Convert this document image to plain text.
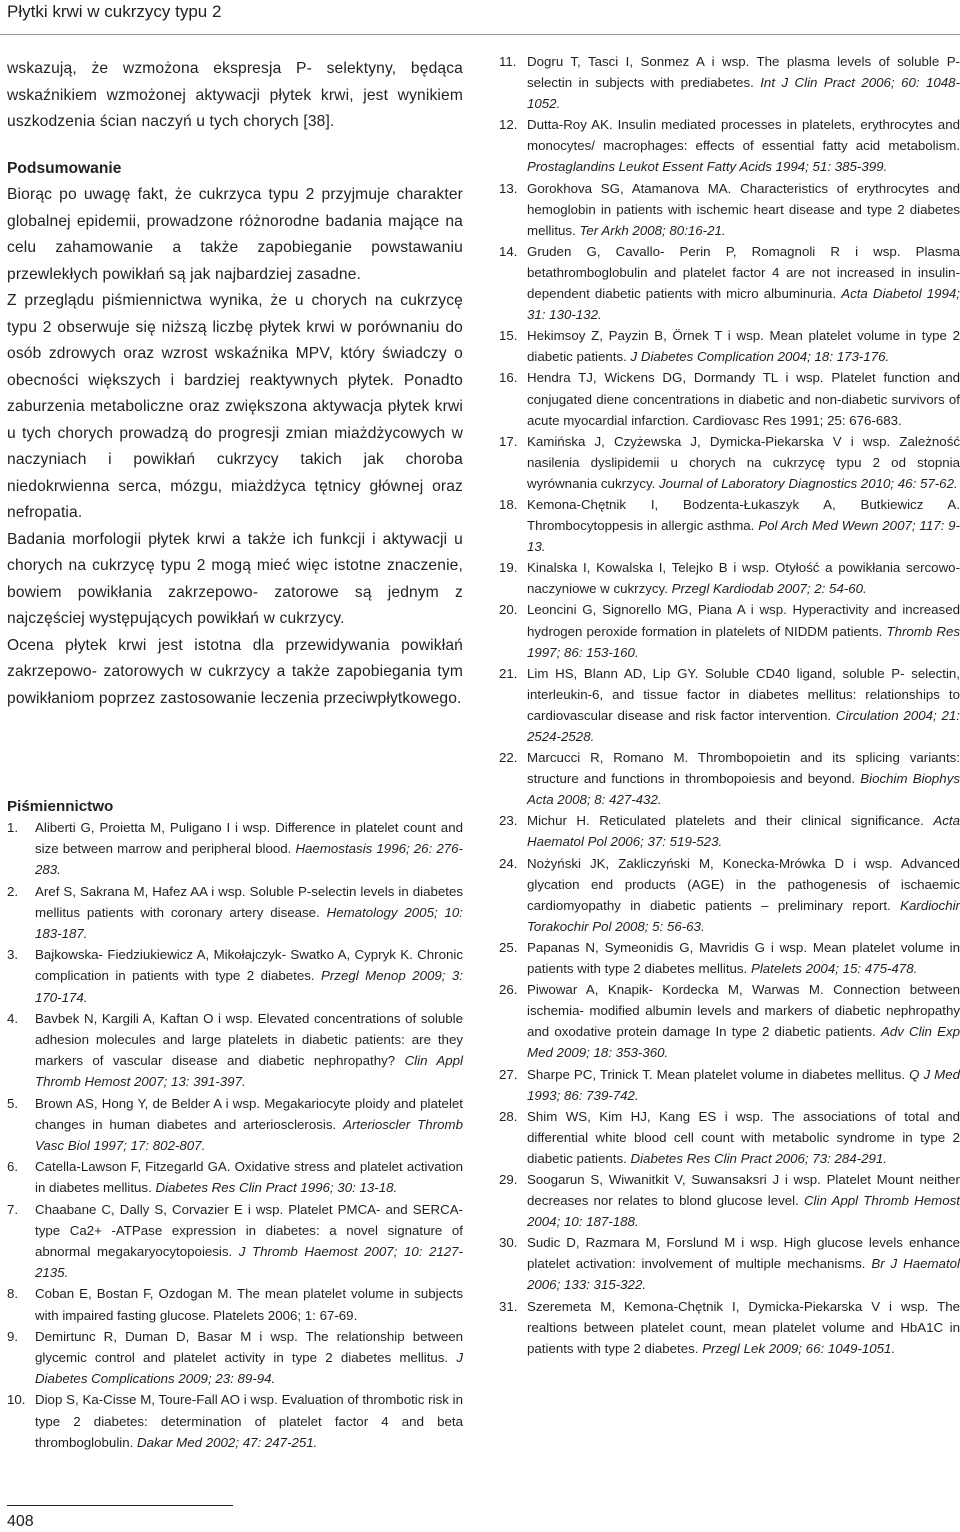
Płytki krwi w cukrzycy typu 2

wskazują, że wzmożona ekspresja P- selektyny, będąca wskaźnikiem wzmożonej aktywacji płytek krwi, jest wynikiem uszkodzenia ścian naczyń u tych chorych [38].

Podsumowanie

Biorąc po uwagę fakt, że cukrzyca typu 2 przyjmuje charakter globalnej epidemii, prowadzone różnorodne badania mające na celu zahamowanie a także zapobieganie powstawaniu przewlekłych powikłań są jak najbardziej zasadne.

Z przeglądu piśmiennictwa wynika, że u chorych na cukrzycę typu 2 obserwuje się niższą liczbę płytek krwi w porównaniu do osób zdrowych oraz wzrost wskaźnika MPV, który świadczy o obecności większych i bardziej reaktywnych płytek. Ponadto zaburzenia metaboliczne oraz zwiększona aktywacja płytek krwi u tych chorych prowadzą do progresji zmian miażdżycowych w naczyniach i powikłań cukrzycy takich jak choroba niedokrwienna serca, mózgu, miażdżyca tętnicy głównej oraz nefropatia.

Badania morfologii płytek krwi a także ich funkcji i aktywacji u chorych na cukrzycę typu 2 mogą mieć więc istotne znaczenie, bowiem powikłania zakrzepowo- zatorowe są jednym z najczęściej występujących powikłań w cukrzycy.

Ocena płytek krwi jest istotna dla przewidywania powikłań zakrzepowo- zatorowych w cukrzycy a także zapobiegania tym powikłaniom poprzez zastosowanie leczenia przeciwpłytkowego.

Piśmiennictwo

1. Aliberti G, Proietta M, Puligano I i wsp. Difference in platelet count and size between marrow and peripheral blood. Haemostasis 1996; 26: 276-283.
2. Aref S, Sakrana M, Hafez AA i wsp. Soluble P-selectin levels in diabetes mellitus patients with coronary artery disease. Hematology 2005; 10: 183-187.
3. Bajkowska- Fiedziukiewicz A, Mikołajczyk- Swatko A, Cypryk K. Chronic complication in patients with type 2 diabetes. Przegl Menop 2009; 3: 170-174.
4. Bavbek N, Kargili A, Kaftan O i wsp. Elevated concentrations of soluble adhesion molecules and large platelets in diabetic patients: are they markers of vascular disease and diabetic nephropathy? Clin Appl Thromb Hemost 2007; 13: 391-397.
5. Brown AS, Hong Y, de Belder A i wsp. Megakariocyte ploidy and platelet changes in human diabetes and arteriosclerosis. Arterioscler Thromb Vasc Biol 1997; 17: 802-807.
6. Catella-Lawson F, Fitzegarld GA. Oxidative stress and platelet activation in diabetes mellitus. Diabetes Res Clin Pract 1996; 30: 13-18.
7. Chaabane C, Dally S, Corvazier E i wsp. Platelet PMCA- and SERCA-type Ca2+ -ATPase expression in diabetes: a novel signature of abnormal megakaryocytopoiesis. J Thromb Haemost 2007; 10: 2127-2135.
8. Coban E, Bostan F, Ozdogan M. The mean platelet volume in subjects with impaired fasting glucose. Platelets 2006; 1: 67-69.
9. Demirtunc R, Duman D, Basar M i wsp. The relationship between glycemic control and platelet activity in type 2 diabetes mellitus. J Diabetes Complications 2009; 23: 89-94.
10. Diop S, Ka-Cisse M, Toure-Fall AO i wsp. Evaluation of thrombotic risk in type 2 diabetes: determination of platelet factor 4 and beta thromboglobulin. Dakar Med 2002; 47: 247-251.
11. Dogru T, Tasci I, Sonmez A i wsp. The plasma levels of soluble P- selectin in subjects with prediabetes. Int J Clin Pract 2006; 60: 1048- 1052.
12. Dutta-Roy AK. Insulin mediated processes in platelets, erythrocytes and monocytes/ macrophages: effects of essential fatty acid metabolism. Prostaglandins Leukot Essent Fatty Acids 1994; 51: 385-399.
13. Gorokhova SG, Atamanova MA. Characteristics of erythrocytes and hemoglobin in patients with ischemic heart disease and type 2 diabetes mellitus. Ter Arkh 2008; 80:16-21.
14. Gruden G, Cavallo- Perin P, Romagnoli R i wsp. Plasma betathromboglobulin and platelet factor 4 are not increased in insulin- dependent diabetic patients with micro albuminuria. Acta Diabetol 1994; 31: 130-132.
15. Hekimsoy Z, Payzin B, Örnek T i wsp. Mean platelet volume in type 2 diabetic patients. J Diabetes Complication 2004; 18: 173-176.
16. Hendra TJ, Wickens DG, Dormandy TL i wsp. Platelet function and conjugated diene concentrations in diabetic and non-diabetic survivors of acute myocardial infarction. Cardiovasc Res 1991; 25: 676-683.
17. Kamińska J, Czyżewska J, Dymicka-Piekarska V i wsp. Zależność nasilenia dyslipidemii u chorych na cukrzycę typu 2 od stopnia wyrównania cukrzycy. Journal of Laboratory Diagnostics 2010; 46: 57-62.
18. Kemona-Chętnik I, Bodzenta-Łukaszyk A, Butkiewicz A. Thrombocytoppesis in allergic asthma. Pol Arch Med Wewn 2007; 117: 9-13.
19. Kinalska I, Kowalska I, Telejko B i wsp. Otyłość a powikłania sercowo-naczyniowe w cukrzycy. Przegl Kardiodab 2007; 2: 54-60.
20. Leoncini G, Signorello MG, Piana A i wsp. Hyperactivity and increased hydrogen peroxide formation in platelets of NIDDM patients. Thromb Res 1997; 86: 153-160.
21. Lim HS, Blann AD, Lip GY. Soluble CD40 ligand, soluble P- selectin, interleukin-6, and tissue factor in diabetes mellitus: relationships to cardiovascular disease and risk factor intervention. Circulation 2004; 21: 2524-2528.
22. Marcucci R, Romano M. Thrombopoietin and its splicing variants: structure and functions in thrombopoiesis and beyond. Biochim Biophys Acta 2008; 8: 427-432.
23. Michur H. Reticulated platelets and their clinical significance. Acta Haematol Pol 2006; 37: 519-523.
24. Nożyński JK, Zakliczyński M, Konecka-Mrówka D i wsp. Advanced glycation end products (AGE) in the pathogenesis of ischaemic cardiomyopathy in diabetic patients – preliminary report. Kardiochir Torakochir Pol 2008; 5: 56-63.
25. Papanas N, Symeonidis G, Mavridis G i wsp. Mean platelet volume in patients with type 2 diabetes mellitus. Platelets 2004; 15: 475-478.
26. Piwowar A, Knapik- Kordecka M, Warwas M. Connection between ischemia- modified albumin levels and markers of diabetic nephropathy and oxodative protein damage In type 2 diabetic patients. Adv Clin Exp Med 2009; 18: 353-360.
27. Sharpe PC, Trinick T. Mean platelet volume in diabetes mellitus. Q J Med 1993; 86: 739-742.
28. Shim WS, Kim HJ, Kang ES i wsp. The associations of total and differential white blood cell count with metabolic syndrome in type 2 diabetic patients. Diabetes Res Clin Pract 2006; 73: 284-291.
29. Soogarun S, Wiwanitkit V, Suwansaksri J i wsp. Platelet Mount neither decreases nor relates to blond glucose level. Clin Appl Thromb Hemost 2004; 10: 187-188.
30. Sudic D, Razmara M, Forslund M i wsp. High glucose levels enhance platelet activation: involvement of multiple mechanisms. Br J Haematol 2006; 133: 315-322.
31. Szeremeta M, Kemona-Chętnik I, Dymicka-Piekarska V i wsp. The realtions between platelet count, mean platelet volume and HbA1C in patients with type 2 diabetes. Przegl Lek 2009; 66: 1049-1051.
408
